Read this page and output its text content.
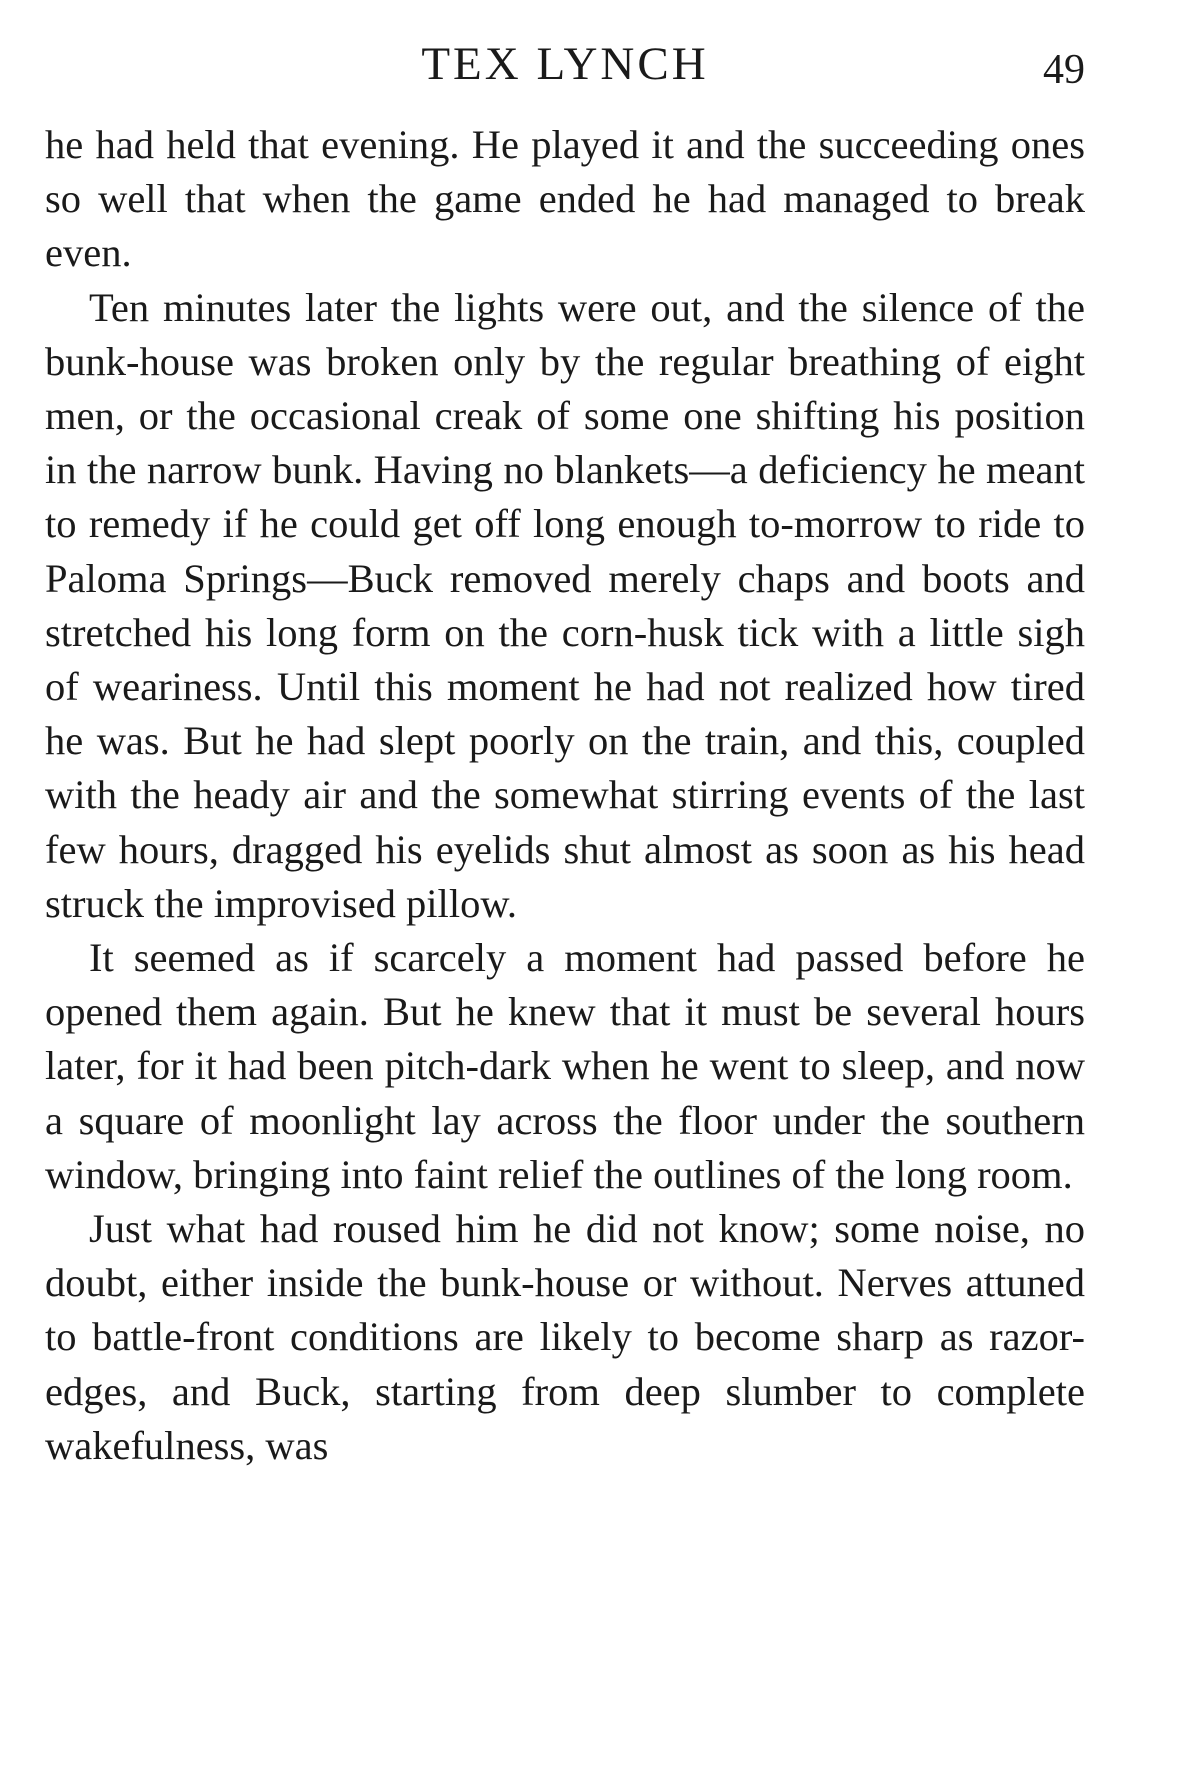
TEX LYNCH	49

he had held that evening. He played it and the succeeding ones so well that when the game ended he had managed to break even.

Ten minutes later the lights were out, and the silence of the bunk-house was broken only by the regular breathing of eight men, or the occasional creak of some one shifting his position in the narrow bunk. Having no blankets—a deficiency he meant to remedy if he could get off long enough to-morrow to ride to Paloma Springs—Buck removed merely chaps and boots and stretched his long form on the corn-husk tick with a little sigh of weariness. Until this moment he had not realized how tired he was. But he had slept poorly on the train, and this, coupled with the heady air and the somewhat stirring events of the last few hours, dragged his eyelids shut almost as soon as his head struck the improvised pillow.

It seemed as if scarcely a moment had passed before he opened them again. But he knew that it must be several hours later, for it had been pitch-dark when he went to sleep, and now a square of moonlight lay across the floor under the southern window, bringing into faint relief the outlines of the long room.

Just what had roused him he did not know; some noise, no doubt, either inside the bunk-house or without. Nerves attuned to battle-front conditions are likely to become sharp as razor-edges, and Buck, starting from deep slumber to complete wakefulness, was
